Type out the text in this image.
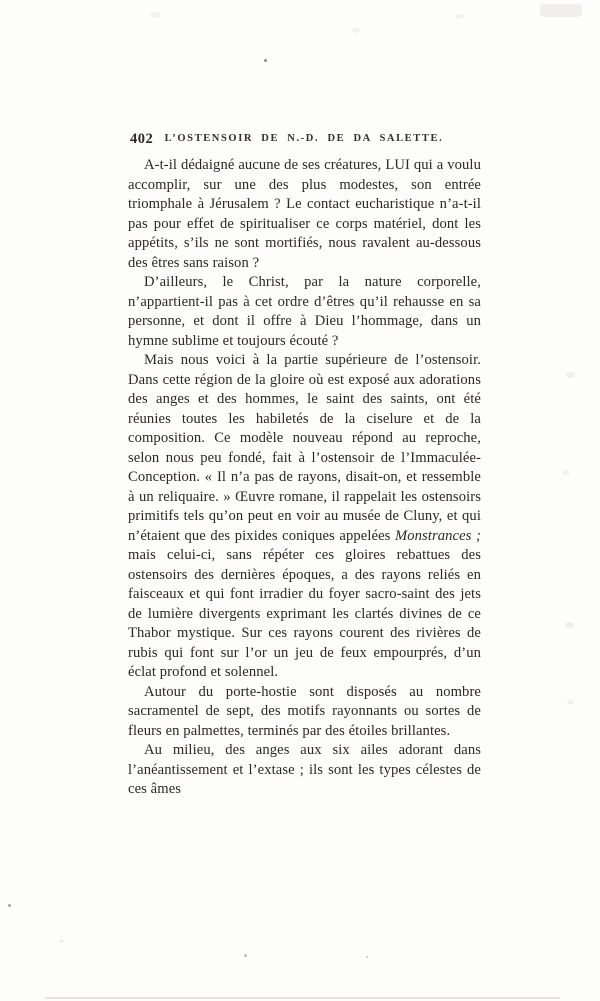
402	L’OSTENSOIR DE N.-D. DE DA SALETTE.

A-t-il dédaigné aucune de ses créatures, LUI qui a voulu accomplir, sur une des plus modestes, son entrée triomphale à Jérusalem ? Le contact eucharistique n’a-t-il pas pour effet de spiritualiser ce corps matériel, dont les appétits, s’ils ne sont mortifiés, nous ravalent au-dessous des êtres sans raison ?

D’ailleurs, le Christ, par la nature corporelle, n’appartient-il pas à cet ordre d’êtres qu’il rehausse en sa personne, et dont il offre à Dieu l’hommage, dans un hymne sublime et toujours écouté ?

Mais nous voici à la partie supérieure de l’ostensoir. Dans cette région de la gloire où est exposé aux adorations des anges et des hommes, le saint des saints, ont été réunies toutes les habiletés de la ciselure et de la composition. Ce modèle nouveau répond au reproche, selon nous peu fondé, fait à l’ostensoir de l’Immaculée-Conception. « Il n’a pas de rayons, disait-on, et ressemble à un reliquaire. » Œuvre romane, il rappelait les ostensoirs primitifs tels qu’on peut en voir au musée de Cluny, et qui n’étaient que des pixides coniques appelées Monstrances ; mais celui-ci, sans répéter ces gloires rebattues des ostensoirs des dernières époques, a des rayons reliés en faisceaux et qui font irradier du foyer sacro-saint des jets de lumière divergents exprimant les clartés divines de ce Thabor mystique. Sur ces rayons courent des rivières de rubis qui font sur l’or un jeu de feux empourprés, d’un éclat profond et solennel.

Autour du porte-hostie sont disposés au nombre sacramentel de sept, des motifs rayonnants ou sortes de fleurs en palmettes, terminés par des étoiles brillantes.

Au milieu, des anges aux six ailes adorant dans l’anéantissement et l’extase ; ils sont les types célestes de ces âmes
